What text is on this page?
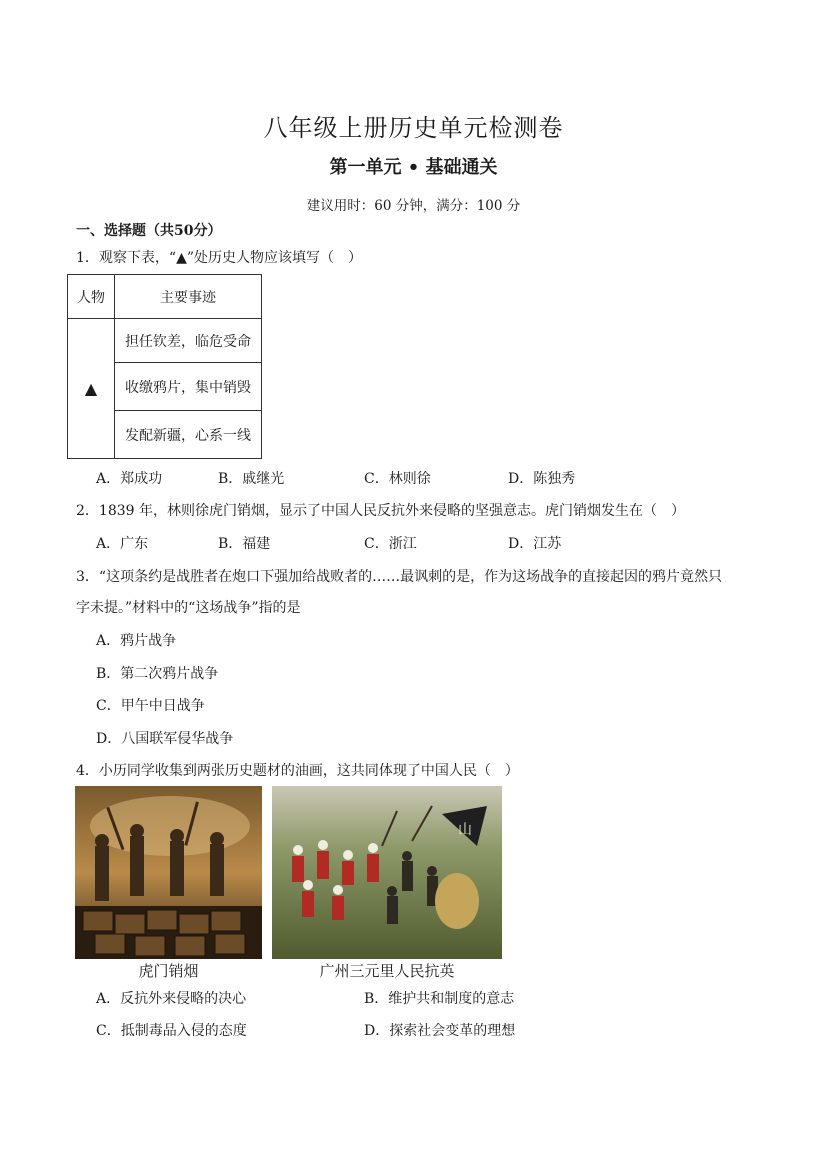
八年级上册历史单元检测卷
第一单元 • 基础通关
建议用时：60 分钟，满分：100 分
一、选择题（共50分）
1．观察下表，“▲”处历史人物应该填写（　）
人物	主要事迹
▲	担任钦差，临危受命
	收缴鸦片，集中销毁
	发配新疆，心系一线
A．郑成功	B．戚继光	C．林则徐	D．陈独秀
2．1839 年，林则徐虎门销烟，显示了中国人民反抗外来侵略的坚强意志。虎门销烟发生在（　）
A．广东	B．福建	C．浙江	D．江苏
3．“这项条约是战胜者在炮口下强加给战败者的……最讽刺的是，作为这场战争的直接起因的鸦片竟然只
字未提。”材料中的“这场战争”指的是
A．鸦片战争
B．第二次鸦片战争
C．甲午中日战争
D．八国联军侵华战争
4．小历同学收集到两张历史题材的油画，这共同体现了中国人民（　）
山
虎门销烟	广州三元里人民抗英
A．反抗外来侵略的决心	B．维护共和制度的意志
C．抵制毒品入侵的态度	D．探索社会变革的理想
